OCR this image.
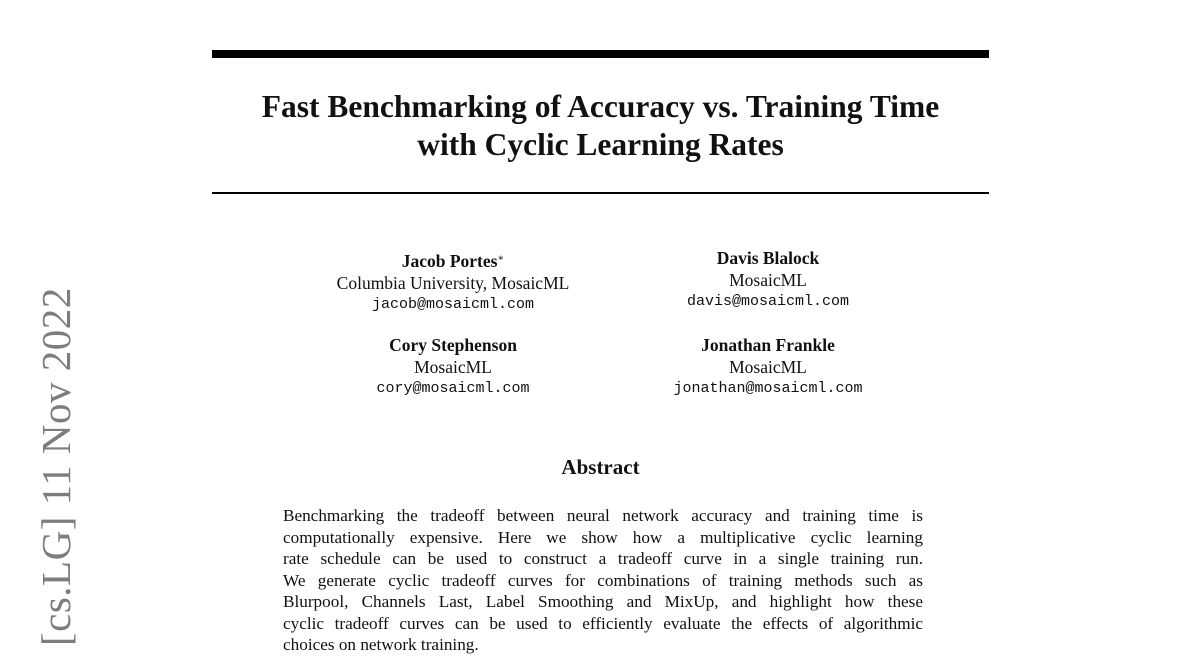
[cs.LG] 11 Nov 2022
Fast Benchmarking of Accuracy vs. Training Time
with Cyclic Learning Rates
Jacob Portes∗
Columbia University, MosaicML
jacob@mosaicml.com
Davis Blalock
MosaicML
davis@mosaicml.com
Cory Stephenson
MosaicML
cory@mosaicml.com
Jonathan Frankle
MosaicML
jonathan@mosaicml.com
Abstract

Benchmarking the tradeoff between neural network accuracy and training time is
computationally expensive. Here we show how a multiplicative cyclic learning
rate schedule can be used to construct a tradeoff curve in a single training run.
We generate cyclic tradeoff curves for combinations of training methods such as
Blurpool, Channels Last, Label Smoothing and MixUp, and highlight how these
cyclic tradeoff curves can be used to efficiently evaluate the effects of algorithmic
choices on network training.
